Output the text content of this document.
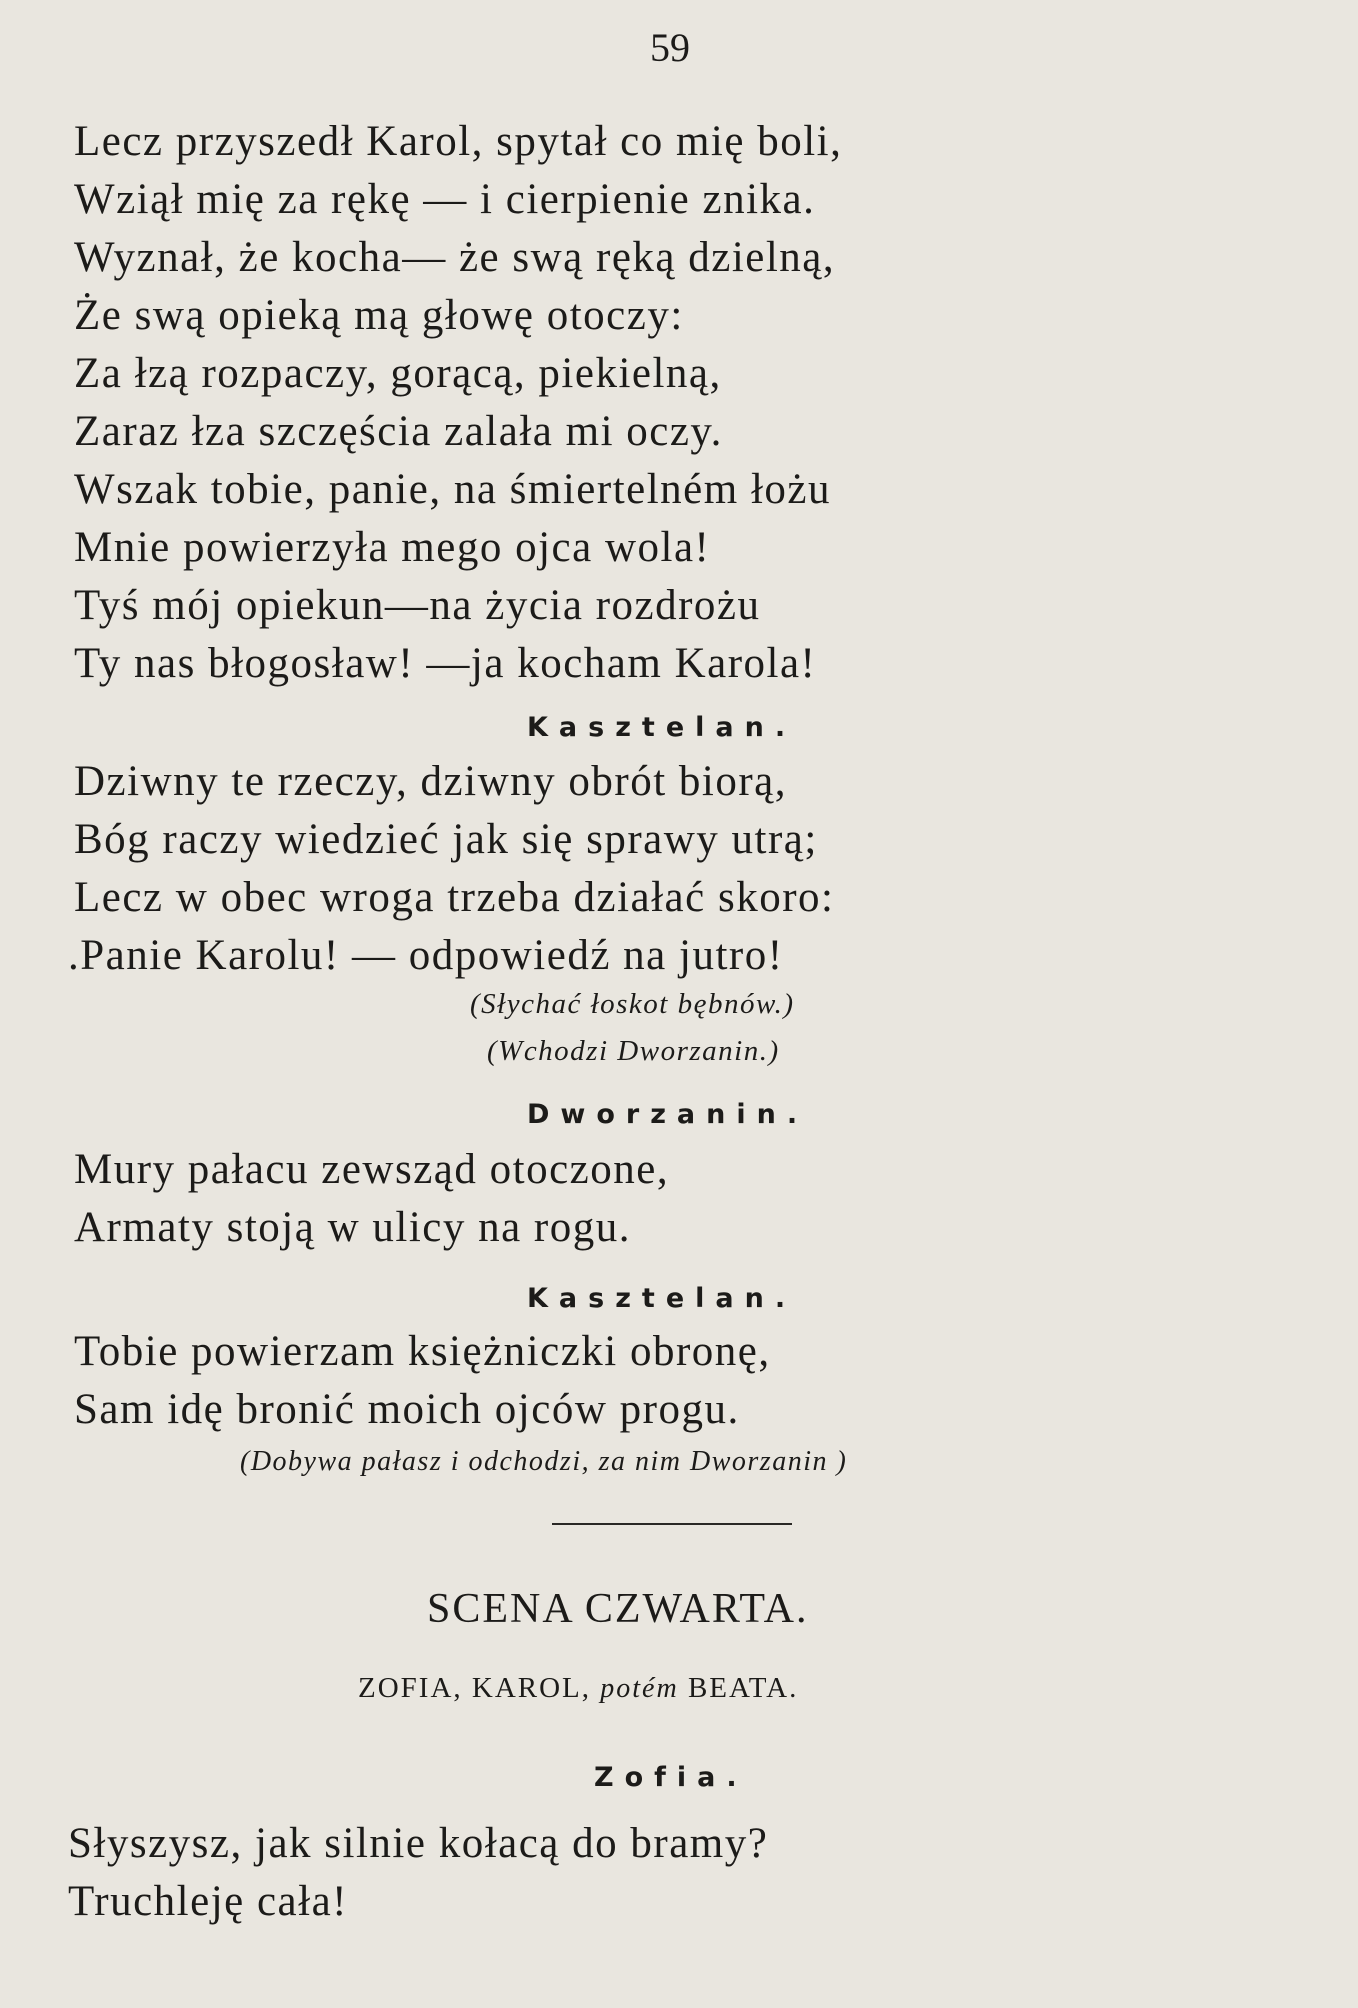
59
Lecz przyszedł Karol, spytał co mię boli,
Wziął mię za rękę — i cierpienie znika.
Wyznał, że kocha— że swą ręką dzielną,
Że swą opieką mą głowę otoczy:
Za łzą rozpaczy, gorącą, piekielną,
Zaraz łza szczęścia zalała mi oczy.
Wszak tobie, panie, na śmiertelném łożu
Mnie powierzyła mego ojca wola!
Tyś mój opiekun—na życia rozdrożu
Ty nas błogosław! —ja kocham Karola!
Kasztelan.
Dziwny te rzeczy, dziwny obrót biorą,
Bóg raczy wiedzieć jak się sprawy utrą;
Lecz w obec wroga trzeba działać skoro:
.Panie Karolu! — odpowiedź na jutro!
(Słychać łoskot bębnów.)
(Wchodzi Dworzanin.)
Dworzanin.
Mury pałacu zewsząd otoczone,
Armaty stoją w ulicy na rogu.
Kasztelan.
Tobie powierzam księżniczki obronę,
Sam idę bronić moich ojców progu.
(Dobywa pałasz i odchodzi, za nim Dworzanin )
SCENA CZWARTA.
ZOFIA, KAROL, potém BEATA.
Zofia.
Słyszysz, jak silnie kołacą do bramy?
Truchleję cała!
